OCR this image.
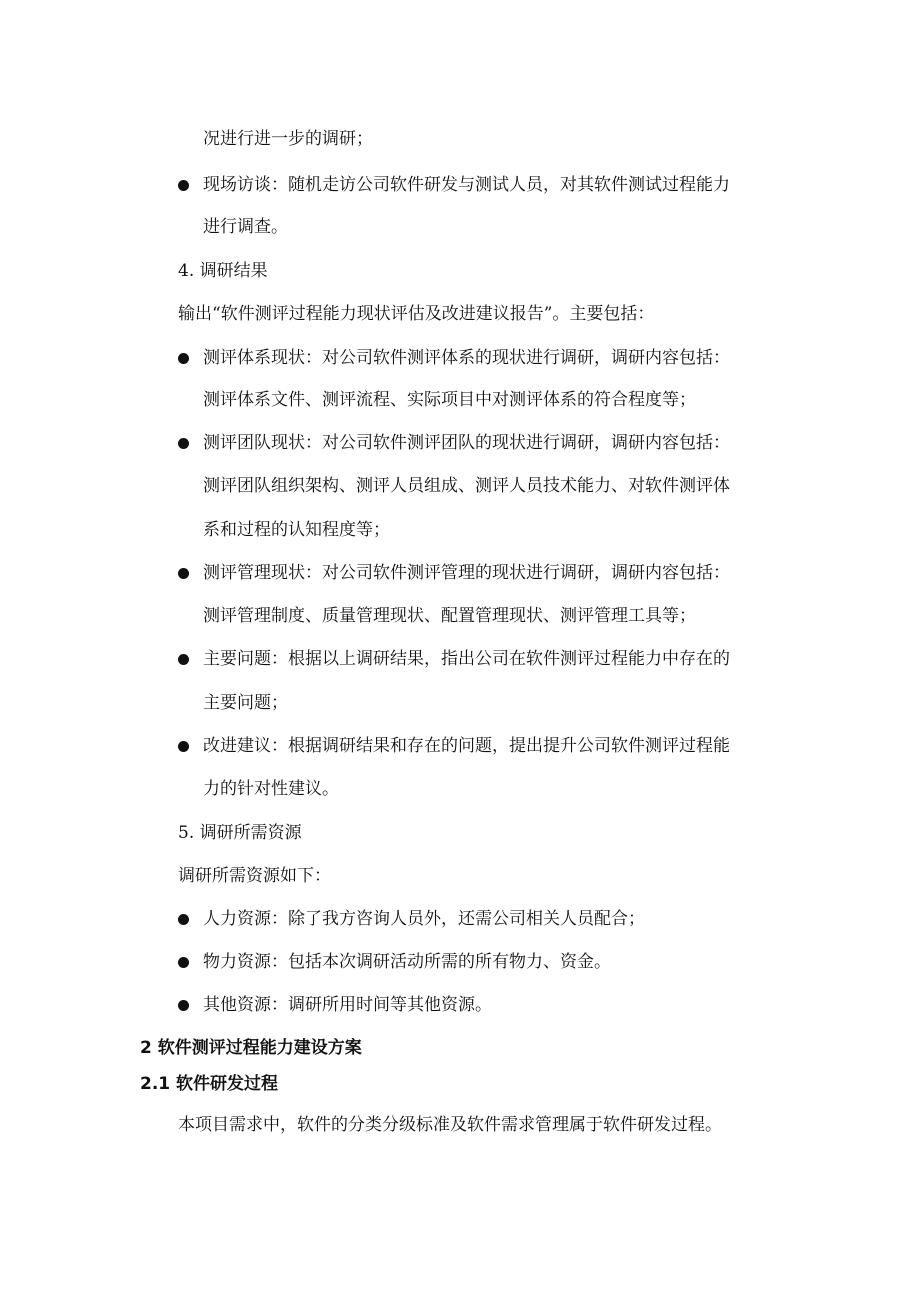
况进行进一步的调研；
现场访谈：随机走访公司软件研发与测试人员，对其软件测试过程能力
进行调查。
4. 调研结果
输出“软件测评过程能力现状评估及改进建议报告”。主要包括：
测评体系现状：对公司软件测评体系的现状进行调研，调研内容包括：
测评体系文件、测评流程、实际项目中对测评体系的符合程度等；
测评团队现状：对公司软件测评团队的现状进行调研，调研内容包括：
测评团队组织架构、测评人员组成、测评人员技术能力、对软件测评体
系和过程的认知程度等；
测评管理现状：对公司软件测评管理的现状进行调研，调研内容包括：
测评管理制度、质量管理现状、配置管理现状、测评管理工具等；
主要问题：根据以上调研结果，指出公司在软件测评过程能力中存在的
主要问题；
改进建议：根据调研结果和存在的问题，提出提升公司软件测评过程能
力的针对性建议。
5. 调研所需资源
调研所需资源如下：
人力资源：除了我方咨询人员外，还需公司相关人员配合；
物力资源：包括本次调研活动所需的所有物力、资金。
其他资源：调研所用时间等其他资源。
2 软件测评过程能力建设方案
2.1 软件研发过程
本项目需求中，软件的分类分级标准及软件需求管理属于软件研发过程。
